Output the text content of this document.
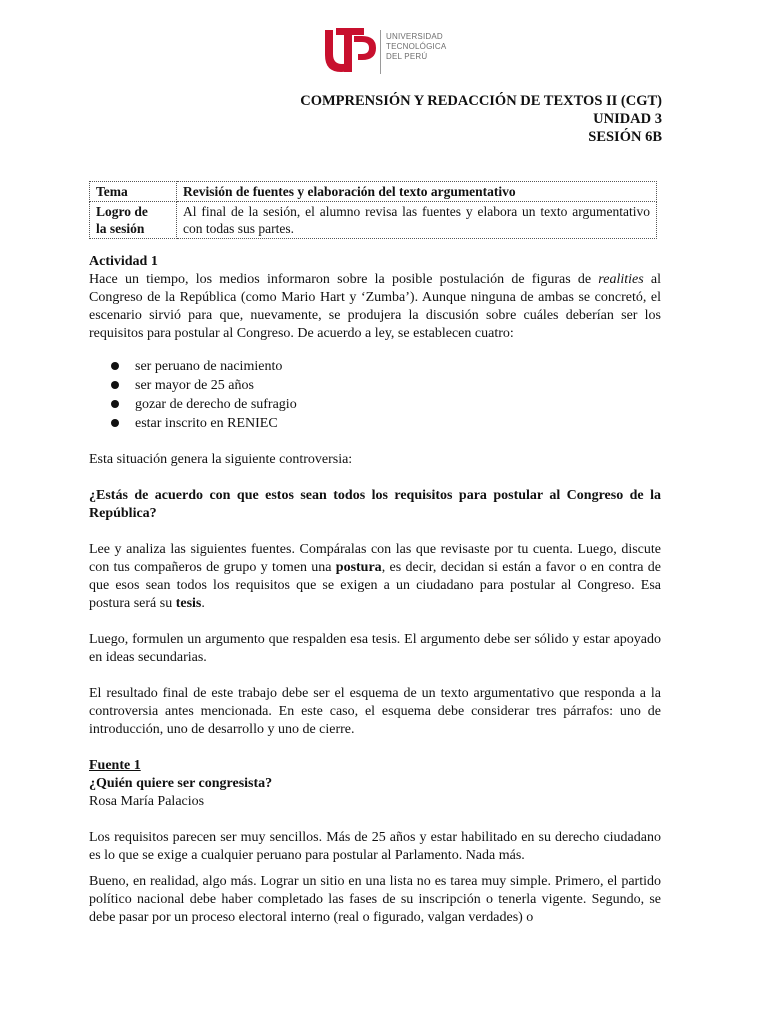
UNIVERSIDAD
TECNOLÓGICA
DEL PERÚ
COMPRENSIÓN Y REDACCIÓN DE TEXTOS II (CGT)
UNIDAD 3
SESIÓN 6B
Tema	Revisión de fuentes y elaboración del texto argumentativo
Logro de
la sesión	Al final de la sesión, el alumno revisa las fuentes y elabora un texto argumentativo con todas sus partes.

Actividad 1

Hace un tiempo, los medios informaron sobre la posible postulación de figuras de realities al Congreso de la República (como Mario Hart y ‘Zumba’). Aunque ninguna de ambas se concretó, el escenario sirvió para que, nuevamente, se produjera la discusión sobre cuáles deberían ser los requisitos para postular al Congreso. De acuerdo a ley, se establecen cuatro:

ser peruano de nacimiento
ser mayor de 25 años
gozar de derecho de sufragio
estar inscrito en RENIEC

Esta situación genera la siguiente controversia:

¿Estás de acuerdo con que estos sean todos los requisitos para postular al Congreso de la República?

Lee y analiza las siguientes fuentes. Compáralas con las que revisaste por tu cuenta. Luego, discute con tus compañeros de grupo y tomen una postura, es decir, decidan si están a favor o en contra de que esos sean todos los requisitos que se exigen a un ciudadano para postular al Congreso. Esa postura será su tesis.

Luego, formulen un argumento que respalden esa tesis. El argumento debe ser sólido y estar apoyado en ideas secundarias.

El resultado final de este trabajo debe ser el esquema de un texto argumentativo que responda a la controversia antes mencionada. En este caso, el esquema debe considerar tres párrafos: uno de introducción, uno de desarrollo y uno de cierre.

Fuente 1

¿Quién quiere ser congresista?

Rosa María Palacios

Los requisitos parecen ser muy sencillos. Más de 25 años y estar habilitado en su derecho ciudadano es lo que se exige a cualquier peruano para postular al Parlamento. Nada más.

Bueno, en realidad, algo más. Lograr un sitio en una lista no es tarea muy simple. Primero, el partido político nacional debe haber completado las fases de su inscripción o tenerla vigente. Segundo, se debe pasar por un proceso electoral interno (real o figurado, valgan verdades) o
